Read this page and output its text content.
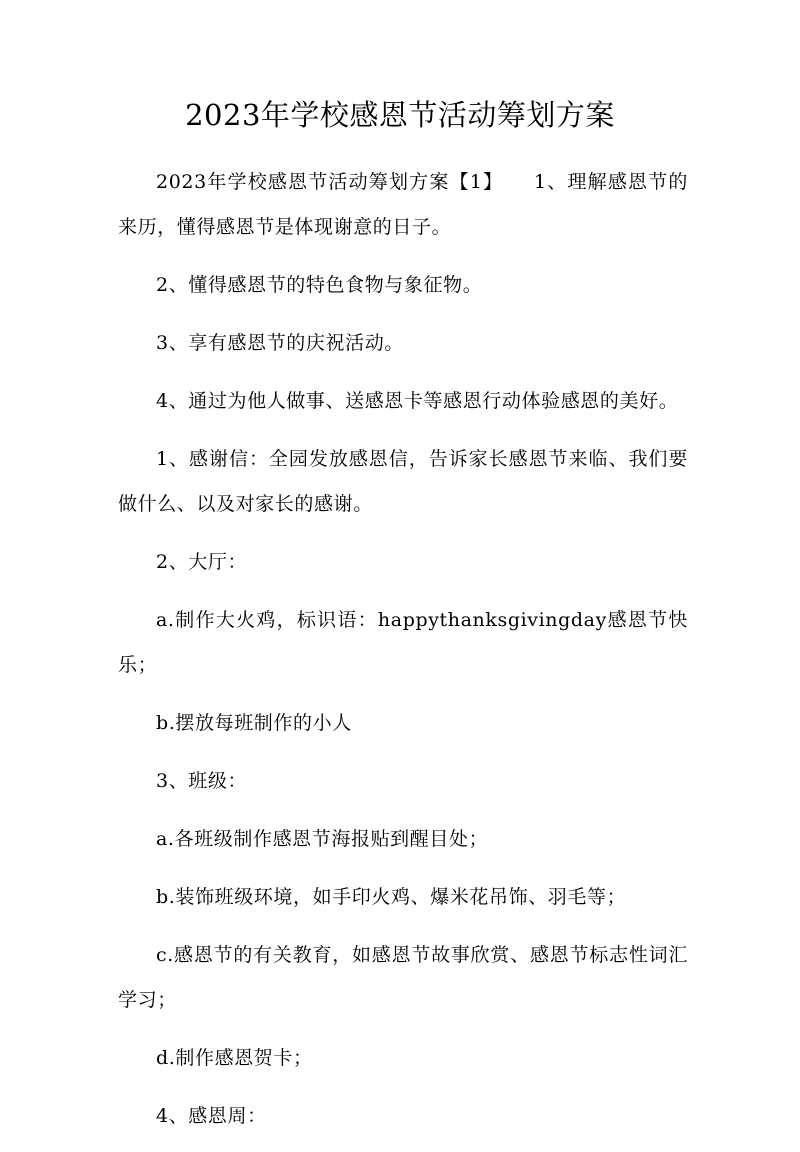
2023年学校感恩节活动筹划方案

2023年学校感恩节活动筹划方案【1】　　1、理解感恩节的来历，懂得感恩节是体现谢意的日子。

2、懂得感恩节的特色食物与象征物。

3、享有感恩节的庆祝活动。

4、通过为他人做事、送感恩卡等感恩行动体验感恩的美好。

1、感谢信：全园发放感恩信，告诉家长感恩节来临、我们要做什么、以及对家长的感谢。

2、大厅：

a.制作大火鸡，标识语：happythanksgivingday感恩节快乐；

b.摆放每班制作的小人

3、班级：

a.各班级制作感恩节海报贴到醒目处；

b.装饰班级环境，如手印火鸡、爆米花吊饰、羽毛等；

c.感恩节的有关教育，如感恩节故事欣赏、感恩节标志性词汇学习；

d.制作感恩贺卡；

4、感恩周：
